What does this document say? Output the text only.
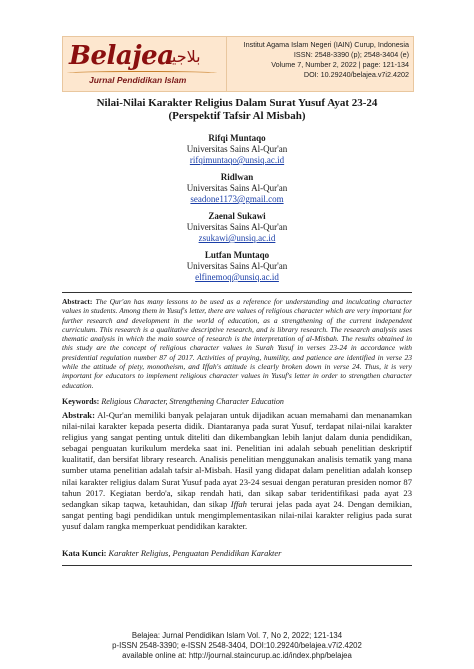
Belajea
بلاجيا
Jurnal Pendidikan Islam
Institut Agama Islam Negeri (IAIN) Curup, Indonesia
ISSN: 2548-3390 (p); 2548-3404 (e)
Volume 7, Number 2, 2022 | page: 121-134
DOI: 10.29240/belajea.v7i2.4202
Nilai-Nilai Karakter Religius Dalam Surat Yusuf Ayat 23-24
(Perspektif Tafsir Al Misbah)
Rifqi Muntaqo
Universitas Sains Al-Qur'an
rifqimuntaqo@unsiq.ac.id
Ridlwan
Universitas Sains Al-Qur'an
seadone1173@gmail.com
Zaenal Sukawi
Universitas Sains Al-Qur'an
zsukawi@unsiq.ac.id
Lutfan Muntaqo
Universitas Sains Al-Qur'an
elfinemoq@unsiq.ac.id
Abstract: The Qur'an has many lessons to be used as a reference for understanding and inculcating character values in students. Among them in Yusuf's letter, there are values of religious character which are very important for further research and development in the world of education, as a strengthening of the current independent curriculum. This research is a qualitative descriptive research, and is library research. The research analysis uses thematic analysis in which the main source of research is the interpretation of al-Misbah. The results obtained in this study are the concept of religious character values in Surah Yusuf in verses 23-24 in accordance with presidential regulation number 87 of 2017. Activities of praying, humility, and patience are identified in verse 23 while the attitude of piety, monotheism, and Iffah's attitude is clearly broken down in verse 24. Thus, it is very important for educators to implement religious character values in Yusuf's letter in order to strengthen character education.
Keywords: Religious Character, Strengthening Character Education
Abstrak: Al-Qur'an memiliki banyak pelajaran untuk dijadikan acuan memahami dan menanamkan nilai-nilai karakter kepada peserta didik. Diantaranya pada surat Yusuf, terdapat nilai-nilai karakter religius yang sangat penting untuk diteliti dan dikembangkan lebih lanjut dalam dunia pendidikan, sebagai penguatan kurikulum merdeka saat ini. Penelitian ini adalah sebuah penelitian deskriptif kualitatif, dan bersifat library research. Analisis penelitian menggunakan analisis tematik yang mana sumber utama penelitian adalah tafsir al-Misbah. Hasil yang didapat dalam penelitian adalah konsep nilai karakter religius dalam Surat Yusuf pada ayat 23-24 sesuai dengan peraturan presiden nomor 87 tahun 2017. Kegiatan berdo'a, sikap rendah hati, dan sikap sabar teridentifikasi pada ayat 23 sedangkan sikap taqwa, ketauhidan, dan sikap Iffah terurai jelas pada ayat 24. Dengan demikian, sangat penting bagi pendidikan untuk mengimplementasikan nilai-nilai karakter religius pada surat yusuf dalam rangka memperkuat pendidikan karakter.
Kata Kunci: Karakter Religius, Penguatan Pendidikan Karakter
Belajea: Jurnal Pendidikan Islam Vol. 7, No 2, 2022; 121-134
p-ISSN 2548-3390; e-ISSN 2548-3404, DOI:10.29240/belajea.v7i2.4202
available online at: http://journal.staincurup.ac.id/index.php/belajea
